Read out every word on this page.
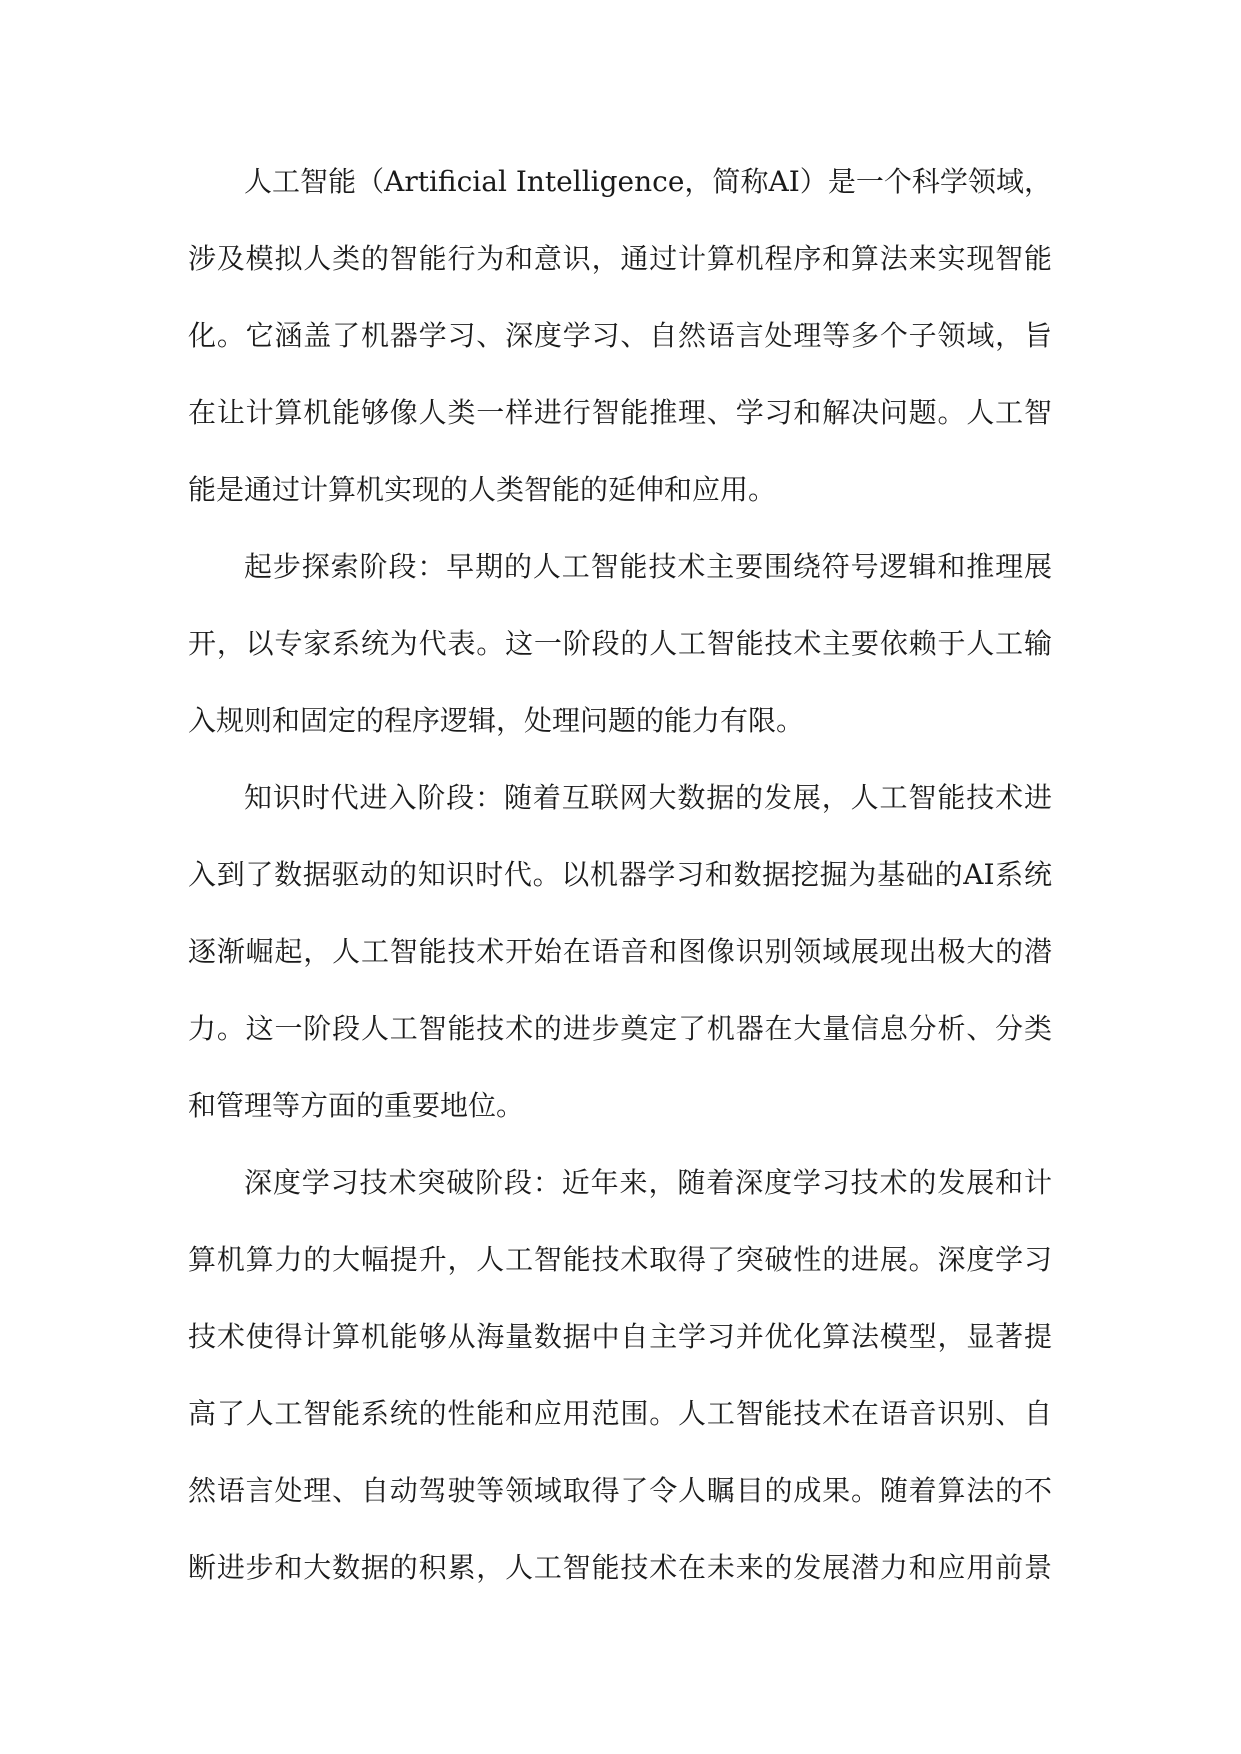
人工智能（Artificial Intelligence，简称AI）是一个科学领域，涉及模拟人类的智能行为和意识，通过计算机程序和算法来实现智能化。它涵盖了机器学习、深度学习、自然语言处理等多个子领域，旨在让计算机能够像人类一样进行智能推理、学习和解决问题。人工智能是通过计算机实现的人类智能的延伸和应用。

起步探索阶段：早期的人工智能技术主要围绕符号逻辑和推理展开，以专家系统为代表。这一阶段的人工智能技术主要依赖于人工输入规则和固定的程序逻辑，处理问题的能力有限。

知识时代进入阶段：随着互联网大数据的发展，人工智能技术进入到了数据驱动的知识时代。以机器学习和数据挖掘为基础的AI系统逐渐崛起，人工智能技术开始在语音和图像识别领域展现出极大的潜力。这一阶段人工智能技术的进步奠定了机器在大量信息分析、分类和管理等方面的重要地位。

深度学习技术突破阶段：近年来，随着深度学习技术的发展和计算机算力的大幅提升，人工智能技术取得了突破性的进展。深度学习技术使得计算机能够从海量数据中自主学习并优化算法模型，显著提高了人工智能系统的性能和应用范围。人工智能技术在语音识别、自然语言处理、自动驾驶等领域取得了令人瞩目的成果。随着算法的不断进步和大数据的积累，人工智能技术在未来的发展潜力和应用前景
